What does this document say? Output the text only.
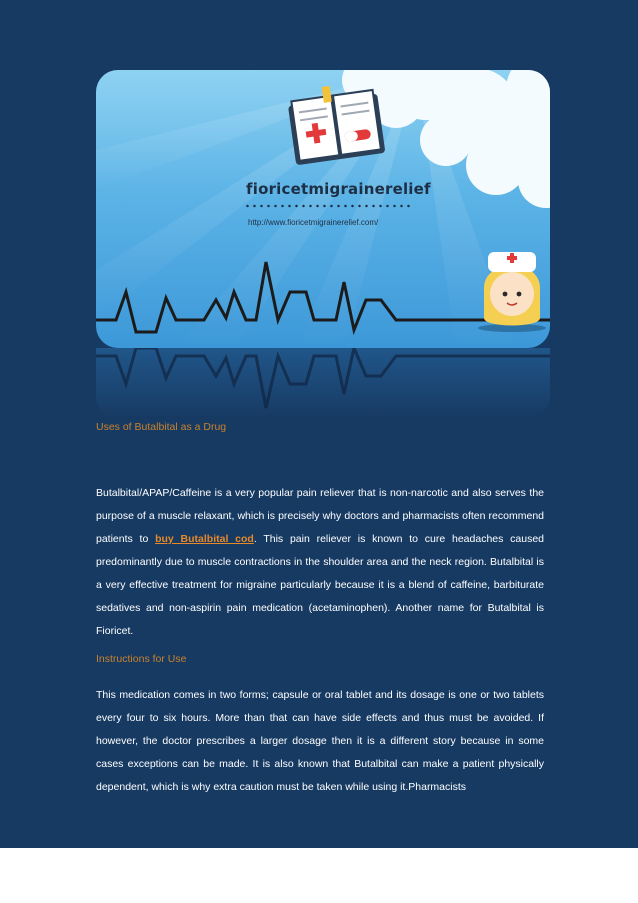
fioricetmigrainerelief
http://www.fioricetmigrainerelief.com/
Uses of Butalbital as a Drug

Butalbital/APAP/Caffeine is a very popular pain reliever that is non-narcotic and also serves the purpose of a muscle relaxant, which is precisely why doctors and pharmacists often recommend patients to buy Butalbital cod. This pain reliever is known to cure headaches caused predominantly due to muscle contractions in the shoulder area and the neck region. Butalbital is a very effective treatment for migraine particularly because it is a blend of caffeine, barbiturate sedatives and non-aspirin pain medication (acetaminophen). Another name for Butalbital is Fioricet.

Instructions for Use

This medication comes in two forms; capsule or oral tablet and its dosage is one or two tablets every four to six hours. More than that can have side effects and thus must be avoided. If however, the doctor prescribes a larger dosage then it is a different story because in some cases exceptions can be made. It is also known that Butalbital can make a patient physically dependent, which is why extra caution must be taken while using it.Pharmacists
